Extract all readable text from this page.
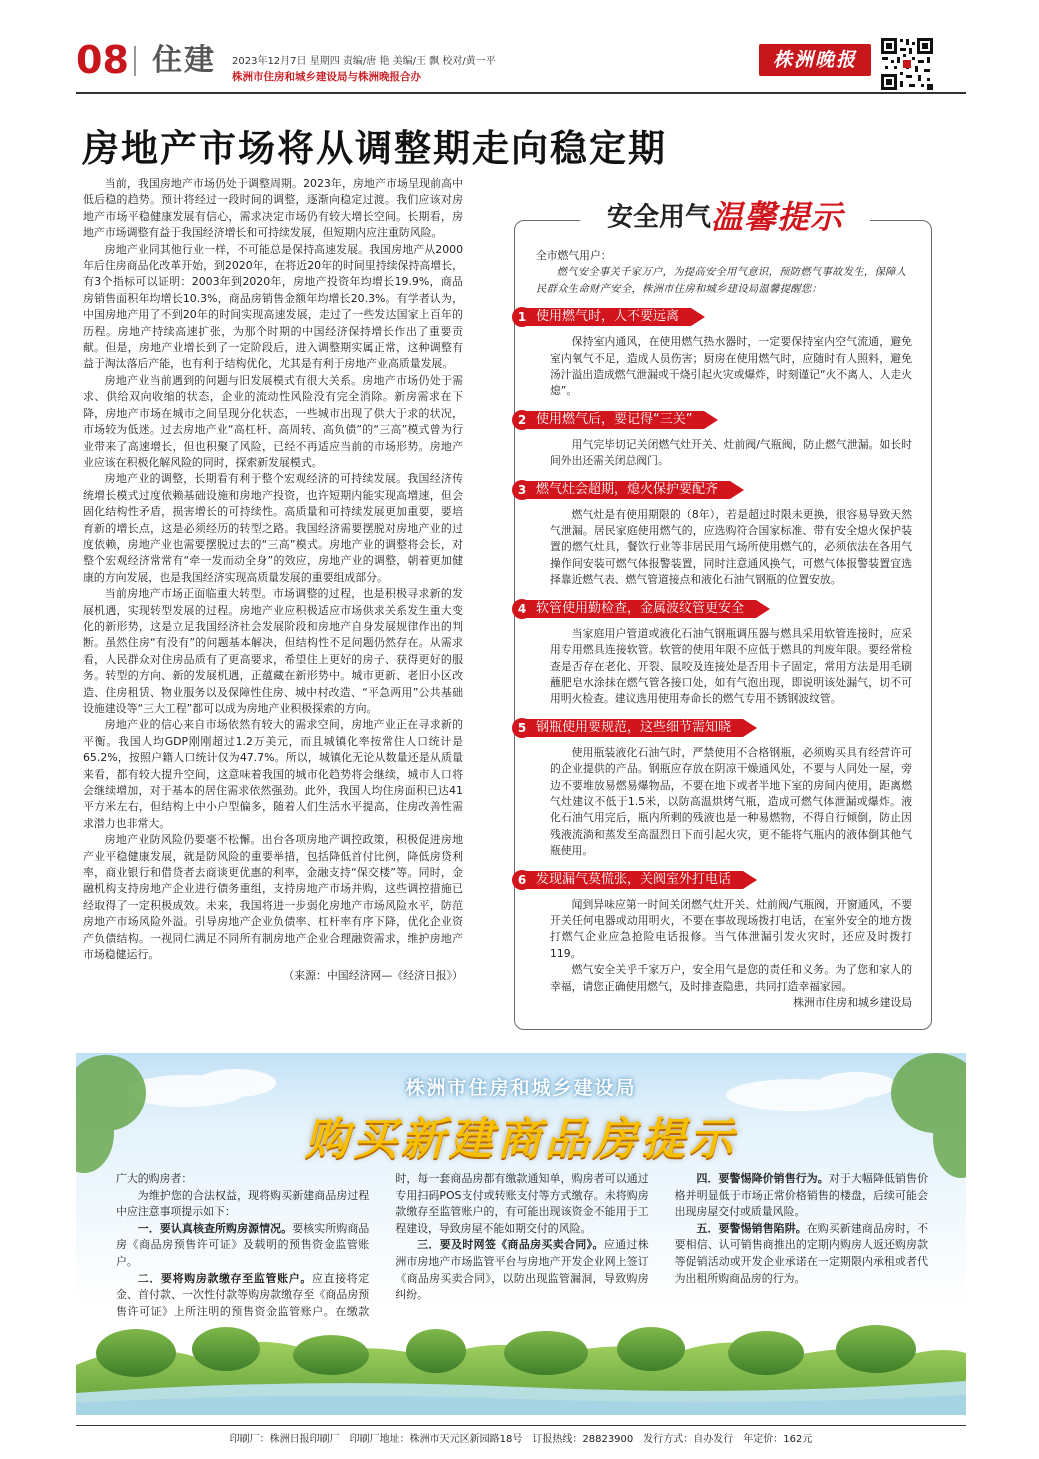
08 住建 2023年12月7日 星期四 责编/唐 艳 美编/王 飘 校对/黄一平
株洲市住房和城乡建设局与株洲晚报合办
株洲晚报
房地产市场将从调整期走向稳定期

当前，我国房地产市场仍处于调整周期。2023年，房地产市场呈现前高中低后稳的趋势。预计将经过一段时间的调整，逐渐向稳定过渡。我们应该对房地产市场平稳健康发展有信心，需求决定市场仍有较大增长空间。长期看，房地产市场调整有益于我国经济增长和可持续发展，但短期内应注重防风险。

房地产业同其他行业一样，不可能总是保持高速发展。我国房地产从2000年后住房商品化改革开始，到2020年，在将近20年的时间里持续保持高增长，有3个指标可以证明：2003年到2020年，房地产投资年均增长19.9%，商品房销售面积年均增长10.3%，商品房销售金额年均增长20.3%。有学者认为，中国房地产用了不到20年的时间实现高速发展，走过了一些发达国家上百年的历程。房地产持续高速扩张，为那个时期的中国经济保持增长作出了重要贡献。但是，房地产业增长到了一定阶段后，进入调整期实属正常，这种调整有益于淘汰落后产能，也有利于结构优化，尤其是有利于房地产业高质量发展。

房地产业当前遇到的问题与旧发展模式有很大关系。房地产市场仍处于需求、供给双向收缩的状态，企业的流动性风险没有完全消除。新房需求在下降，房地产市场在城市之间呈现分化状态，一些城市出现了供大于求的状况，市场较为低迷。过去房地产业“高杠杆、高周转、高负债”的“三高”模式曾为行业带来了高速增长，但也积聚了风险，已经不再适应当前的市场形势。房地产业应该在积极化解风险的同时，探索新发展模式。

房地产业的调整，长期看有利于整个宏观经济的可持续发展。我国经济传统增长模式过度依赖基础设施和房地产投资，也许短期内能实现高增速，但会固化结构性矛盾，损害增长的可持续性。高质量和可持续发展更加重要，要培育新的增长点，这是必须经历的转型之路。我国经济需要摆脱对房地产业的过度依赖，房地产业也需要摆脱过去的“三高”模式。房地产业的调整将会长，对整个宏观经济常常有“牵一发而动全身”的效应，房地产业的调整，朝着更加健康的方向发展，也是我国经济实现高质量发展的重要组成部分。

当前房地产市场正面临重大转型。市场调整的过程，也是积极寻求新的发展机遇，实现转型发展的过程。房地产业应积极适应市场供求关系发生重大变化的新形势，这是立足我国经济社会发展阶段和房地产自身发展规律作出的判断。虽然住房“有没有”的问题基本解决，但结构性不足问题仍然存在。从需求看，人民群众对住房品质有了更高要求，希望住上更好的房子、获得更好的服务。转型的方向、新的发展机遇，正蕴藏在新形势中。城市更新、老旧小区改造、住房租赁、物业服务以及保障性住房、城中村改造、“平急两用”公共基础设施建设等“三大工程”都可以成为房地产业积极探索的方向。

房地产业的信心来自市场依然有较大的需求空间，房地产业正在寻求新的平衡。我国人均GDP刚刚超过1.2万美元，而且城镇化率按常住人口统计是65.2%，按照户籍人口统计仅为47.7%。所以，城镇化无论从数量还是从质量来看，都有较大提升空间，这意味着我国的城市化趋势将会继续，城市人口将会继续增加，对于基本的居住需求依然强劲。此外，我国人均住房面积已达41平方米左右，但结构上中小户型偏多，随着人们生活水平提高，住房改善性需求潜力也非常大。

房地产业防风险仍要毫不松懈。出台各项房地产调控政策，积极促进房地产业平稳健康发展，就是防风险的重要举措，包括降低首付比例，降低房贷利率，商业银行和借贷者去商谈更优惠的利率，金融支持“保交楼”等。同时，金融机构支持房地产企业进行债务重组，支持房地产市场并购，这些调控措施已经取得了一定积极成效。未来，我国将进一步弱化房地产市场风险水平，防范房地产市场风险外溢。引导房地产企业负债率、杠杆率有序下降，优化企业资产负债结构。一视同仁满足不同所有制房地产企业合理融资需求，维护房地产市场稳健运行。

（来源：中国经济网—《经济日报》）

安全用气温馨提示
全市燃气用户：
燃气安全事关千家万户，为提高安全用气意识，预防燃气事故发生，保障人民群众生命财产安全，株洲市住房和城乡建设局温馨提醒您：
使用燃气时，人不要远离
1
保持室内通风，在使用燃气热水器时，一定要保持室内空气流通，避免室内氧气不足，造成人员伤害；厨房在使用燃气时，应随时有人照料，避免汤汁溢出造成燃气泄漏或干烧引起火灾或爆炸，时刻谨记“火不离人、人走火熄”。
使用燃气后，要记得“三关”
2
用气完毕切记关闭燃气灶开关、灶前阀/气瓶阀，防止燃气泄漏。如长时间外出还需关闭总阀门。
燃气灶会超期，熄火保护要配齐
3
燃气灶是有使用期限的（8年），若是超过时限未更换，很容易导致天然气泄漏。居民家庭使用燃气的，应选购符合国家标准、带有安全熄火保护装置的燃气灶具，餐饮行业等非居民用气场所使用燃气的，必须依法在各用气操作间安装可燃气体报警装置，同时注意通风换气，可燃气体报警装置宜选择靠近燃气表、燃气管道接点和液化石油气钢瓶的位置安放。
软管使用勤检查，金属波纹管更安全
4
当家庭用户管道或液化石油气钢瓶调压器与燃具采用软管连接时，应采用专用燃具连接软管。软管的使用年限不应低于燃具的判废年限。要经常检查是否存在老化、开裂、鼠咬及连接处是否用卡子固定，常用方法是用毛刷蘸肥皂水涂抹在燃气管各接口处，如有气泡出现，即说明该处漏气，切不可用明火检查。建议选用使用寿命长的燃气专用不锈钢波纹管。
钢瓶使用要规范，这些细节需知晓
5
使用瓶装液化石油气时，严禁使用不合格钢瓶，必须购买具有经营许可的企业提供的产品。钢瓶应存放在阴凉干燥通风处，不要与人同处一屋，旁边不要堆放易燃易爆物品，不要在地下或者半地下室的房间内使用，距离燃气灶建议不低于1.5米，以防高温烘烤气瓶，造成可燃气体泄漏或爆炸。液化石油气用完后，瓶内所剩的残液也是一种易燃物，不得自行倾倒，防止因残液流淌和蒸发至高温烈日下而引起火灾，更不能将气瓶内的液体倒其他气瓶使用。
发现漏气莫慌张，关阀室外打电话
6
闻到异味应第一时间关闭燃气灶开关、灶前阀/气瓶阀，开窗通风，不要开关任何电器或动用明火，不要在事故现场拨打电话，在室外安全的地方拨打燃气企业应急抢险电话报修。当气体泄漏引发火灾时，还应及时拨打119。
燃气安全关乎千家万户，安全用气是您的责任和义务。为了您和家人的幸福，请您正确使用燃气，及时排查隐患，共同打造幸福家园。
株洲市住房和城乡建设局
株洲市住房和城乡建设局
购买新建商品房提示

广大的购房者：

为维护您的合法权益，现将购买新建商品房过程中应注意事项提示如下：

一．要认真核查所购房源情况。要核实所购商品房《商品房预售许可证》及载明的预售资金监管账户。

二．要将购房款缴存至监管账户。应直接将定金、首付款、一次性付款等购房款缴存至《商品房预售许可证》上所注明的预售资金监管账户。在缴款时，每一套商品房都有缴款通知单，购房者可以通过专用扫码POS支付或转账支付等方式缴存。未将购房款缴存至监管账户的，有可能出现该资金不能用于工程建设，导致房屋不能如期交付的风险。

三．要及时网签《商品房买卖合同》。应通过株洲市房地产市场监管平台与房地产开发企业网上签订《商品房买卖合同》，以防出现监管漏洞，导致购房纠纷。

四．要警惕降价销售行为。对于大幅降低销售价格并明显低于市场正常价格销售的楼盘，后续可能会出现房屋交付或质量风险。

五．要警惕销售陷阱。在购买新建商品房时，不要相信、认可销售商推出的定期内购房人返还购房款等促销活动或开发企业承诺在一定期限内承租或者代为出租所购商品房的行为。

印刷厂：株洲日报印刷厂　印刷厂地址：株洲市天元区新园路18号　订报热线：28823900　发行方式：自办发行　年定价：162元
